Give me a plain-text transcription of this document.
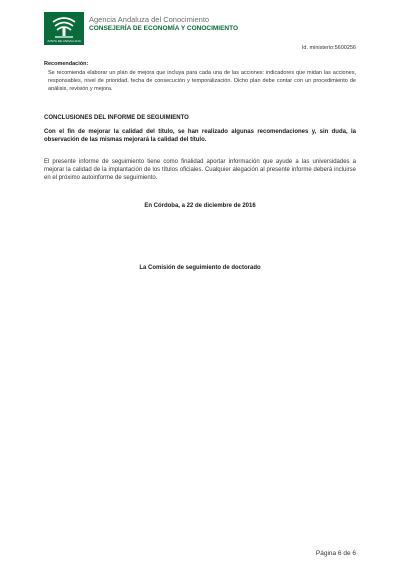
JUNTA DE ANDALUCIA
Agencia Andaluza del Conocimiento
CONSEJERÍA DE ECONOMÍA Y CONOCIMIENTO
Id. ministerio:5600256
Recomendación:
Se recomienda elaborar un plan de mejora que incluya para cada una de las acciones: indicadores que midan las acciones, responsables, nivel de prioridad, fecha de consecución y temporalización. Dicho plan debe contar con un procedimiento de análisis, revisión y mejora.
CONCLUSIONES DEL INFORME DE SEGUIMIENTO
Con el fin de mejorar la calidad del título, se han realizado algunas recomendaciones y, sin duda, la observación de las mismas mejorará la calidad del título.
El presente informe de seguimiento tiene como finalidad aportar información que ayude a las universidades a mejorar la calidad de la implantación de los títulos oficiales. Cualquier alegación al presente informe deberá incluirse en el próximo autoinforme de seguimiento.
En Córdoba, a 22 de diciembre de 2016
La Comisión de seguimiento de doctorado
Página 6 de 6
